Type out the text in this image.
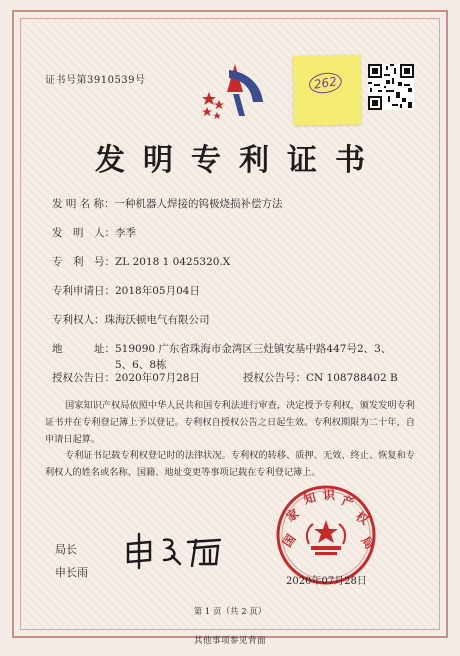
证书号第3910539号	262
发明专利证书
发 明 名 称：一种机器人焊接的钨极烧损补偿方法
发　明　人：李季
专　利　号：ZL 2018 1 0425320.X
专利申请日：2018年05月04日
专利权人：珠海沃顿电气有限公司
地　　　址：519090 广东省珠海市金湾区三灶镇安基中路447号2、3、
5、6、8栋
授权公告日：2020年07月28日	授权公告号：CN 108788402 B
国家知识产权局依照中华人民共和国专利法进行审查，决定授予专利权，颁发发明专利证书并在专利登记簿上予以登记。专利权自授权公告之日起生效。专利权期限为二十年，自申请日起算。
专利证书记载专利权登记时的法律状况。专利权的转移、质押、无效、终止、恢复和专利权人的姓名或名称、国籍、地址变更等事项记载在专利登记簿上。
局长
申长雨
国
家
知 识 产
权
局
2020年07月28日
第 1 页（共 2 页）
其他事项参见背面
